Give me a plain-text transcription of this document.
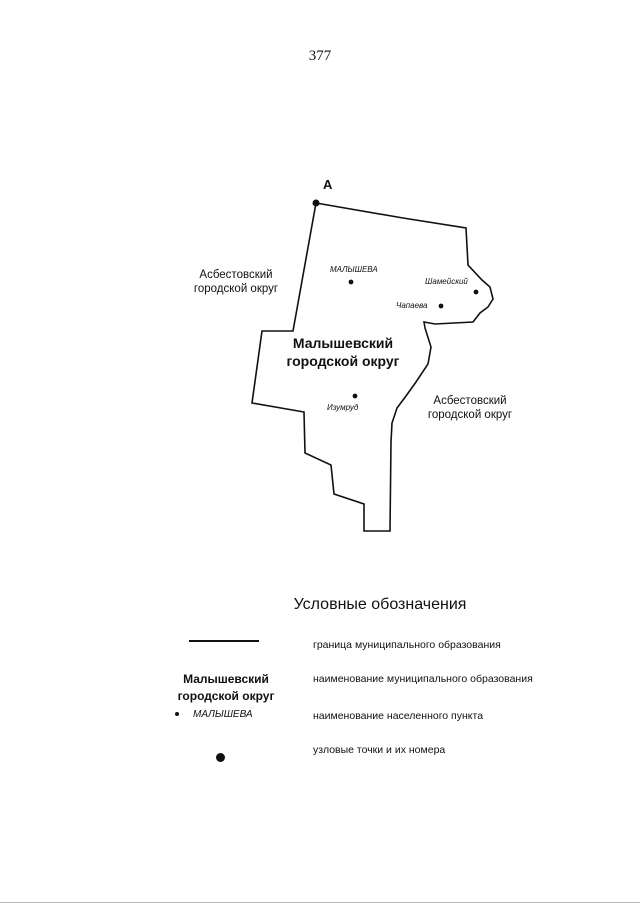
377
А
Асбестовский
городской округ
Асбестовский
городской округ
Малышевский
городской округ
МАЛЫШЕВА
Шамейский
Чапаева
Изумруд
Условные обозначения
граница муниципального образования
Малышевский
городской округ
наименование муниципального образования
МАЛЫШЕВА	наименование населенного пункта
узловые точки и их номера
